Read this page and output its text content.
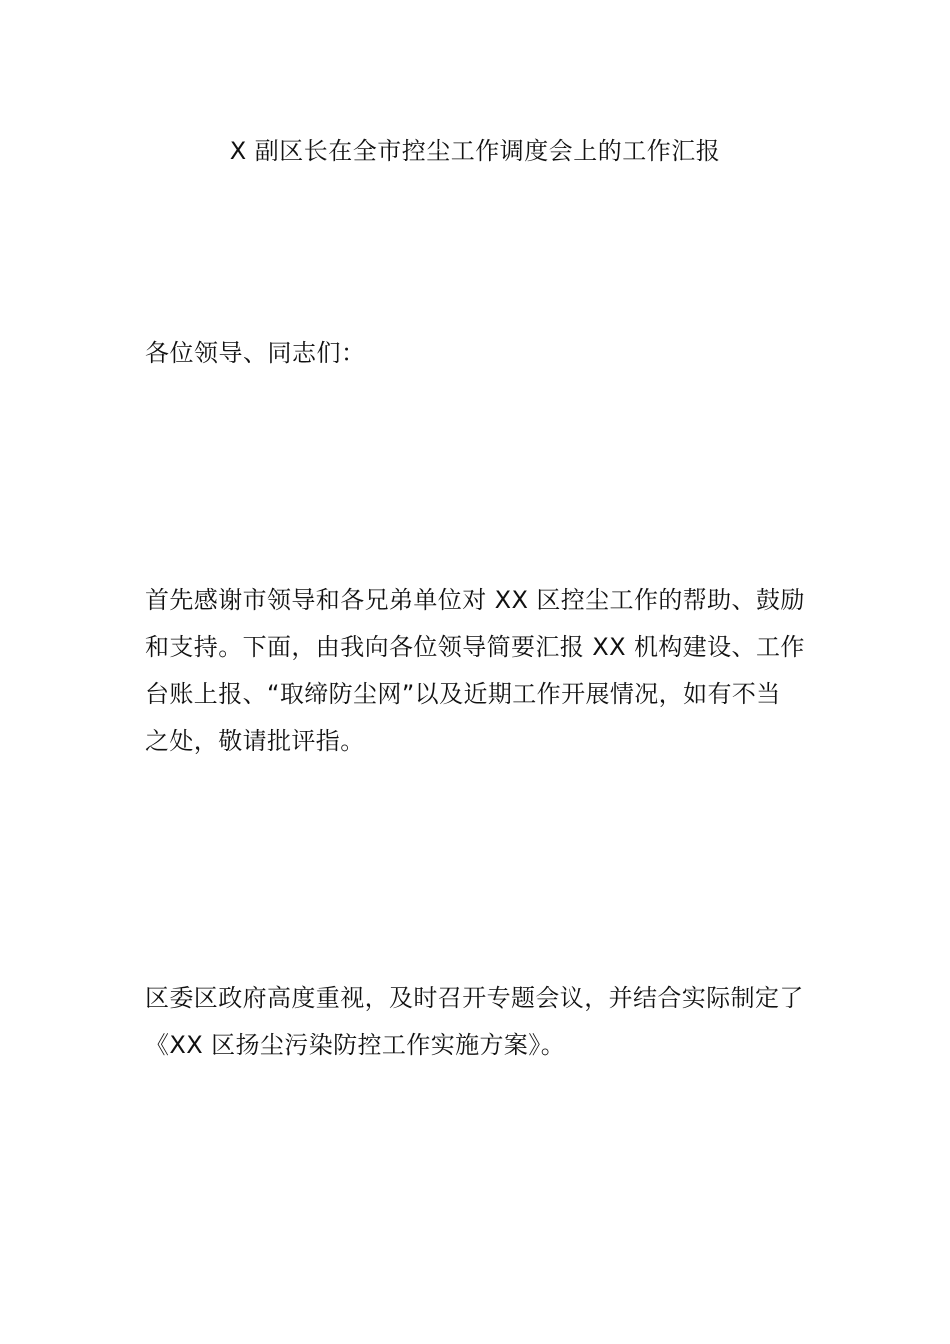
X 副区长在全市控尘工作调度会上的工作汇报
各位领导、同志们：
首先感谢市领导和各兄弟单位对 XX 区控尘工作的帮助、鼓励
和支持。下面，由我向各位领导简要汇报 XX 机构建设、工作
台账上报、“取缔防尘网”以及近期工作开展情况，如有不当
之处，敬请批评指。
区委区政府高度重视，及时召开专题会议，并结合实际制定了
《XX 区扬尘污染防控工作实施方案》。
